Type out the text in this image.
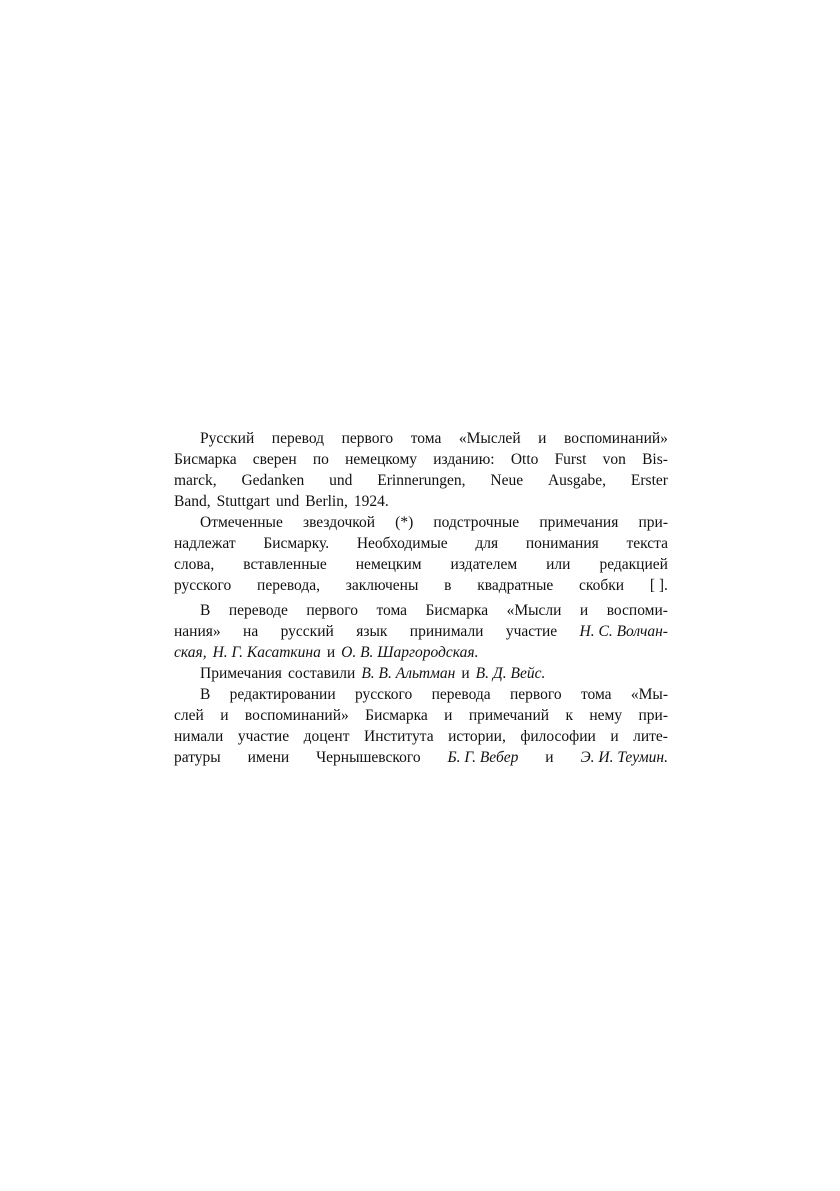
Русский перевод первого тома «Мыслей и воспоминаний»
Бисмарка сверен по немецкому изданию: Otto Furst von Bis-
marck, Gedanken und Erinnerungen, Neue Ausgabe, Erster
Band, Stuttgart und Berlin, 1924.
Отмеченные звездочкой (*) подстрочные примечания при-
надлежат Бисмарку. Необходимые для понимания текста
слова, вставленные немецким издателем или редакцией
русского перевода, заключены в квадратные скобки [ ].
В переводе первого тома Бисмарка «Мысли и воспоми-
нания» на русский язык принимали участие Н. С. Волчан-
ская, Н. Г. Касаткина и О. В. Шаргородская.
Примечания составили В. В. Альтман и В. Д. Вейс.
В редактировании русского перевода первого тома «Мы-
слей и воспоминаний» Бисмарка и примечаний к нему при-
нимали участие доцент Института истории, философии и лите-
ратуры имени Чернышевского Б. Г. Вебер и Э. И. Теумин.
